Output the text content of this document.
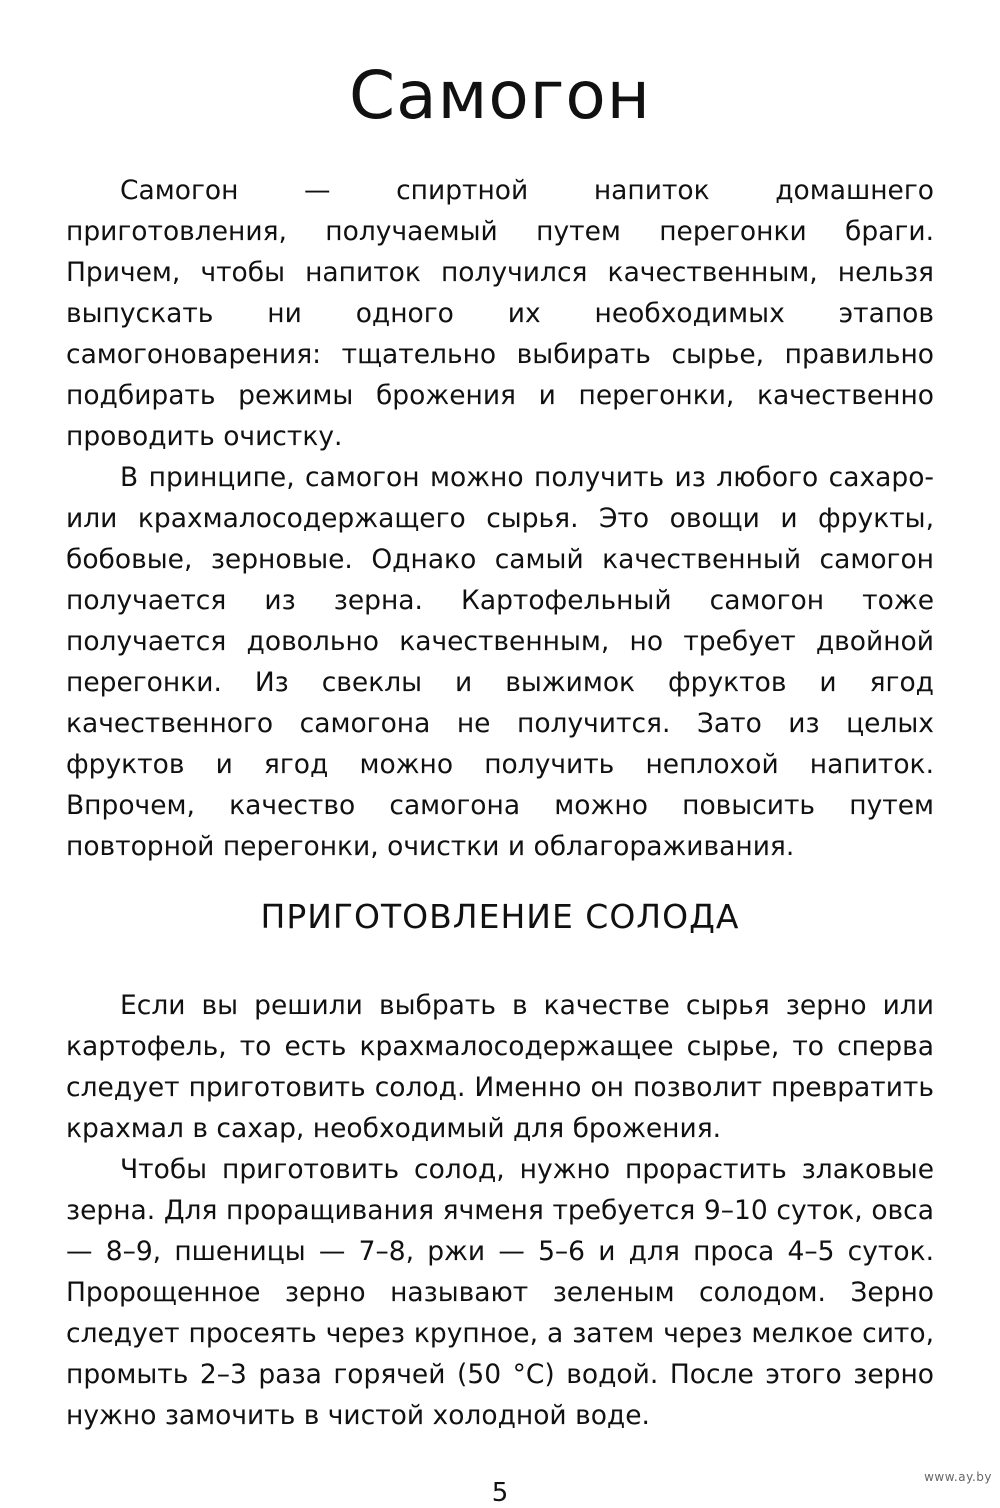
Самогон

Самогон — спиртной напиток домашнего приготовления, получаемый путем перегонки браги. Причем, чтобы напиток получился качественным, нельзя выпускать ни одного их необходимых этапов самогоноварения: тщательно выбирать сырье, правильно подбирать режимы брожения и перегонки, качественно проводить очистку.

В принципе, самогон можно получить из любого сахаро- или крахмалосодержащего сырья. Это овощи и фрукты, бобовые, зерновые. Однако самый качественный самогон получается из зерна. Картофельный самогон тоже получается довольно качественным, но требует двойной перегонки. Из свеклы и выжимок фруктов и ягод качественного самогона не получится. Зато из целых фруктов и ягод можно получить неплохой напиток. Впрочем, качество самогона можно повысить путем повторной перегонки, очистки и облагораживания.

ПРИГОТОВЛЕНИЕ СОЛОДА

Если вы решили выбрать в качестве сырья зерно или картофель, то есть крахмалосодержащее сырье, то сперва следует приготовить солод. Именно он позволит превратить крахмал в сахар, необходимый для брожения.

Чтобы приготовить солод, нужно прорастить злаковые зерна. Для проращивания ячменя требуется 9–10 суток, овса — 8–9, пшеницы — 7–8, ржи — 5–6 и для проса 4–5 суток. Пророщенное зерно называют зеленым солодом. Зерно следует просеять через крупное, а затем через мелкое сито, промыть 2–3 раза горячей (50 °С) водой. После этого зерно нужно замочить в чистой холодной воде.

5
www.ay.by
